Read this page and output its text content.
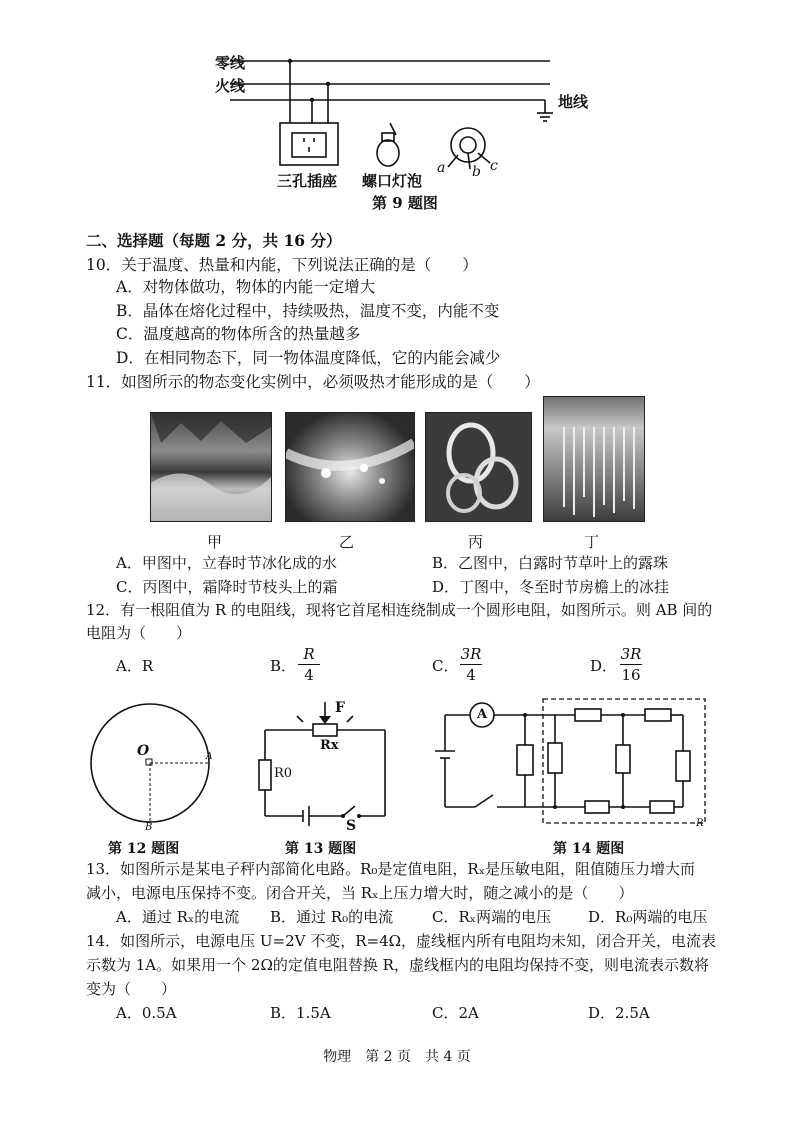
零线
火线
地线
三孔插座 螺口灯泡
a b c
第 9 题图
二、选择题（每题 2 分，共 16 分）
10．关于温度、热量和内能，下列说法正确的是（　　）
A．对物体做功，物体的内能一定增大
B．晶体在熔化过程中，持续吸热，温度不变，内能不变
C．温度越高的物体所含的热量越多
D．在相同物态下，同一物体温度降低，它的内能会减少
11．如图所示的物态变化实例中，必须吸热才能形成的是（　　）
甲	乙	丙	丁
A．甲图中，立春时节冰化成的水	B．乙图中，白露时节草叶上的露珠
C．丙图中，霜降时节枝头上的霜	D．丁图中，冬至时节房檐上的冰挂
12．有一根阻值为 R 的电阻线，现将它首尾相连绕制成一个圆形电阻，如图所示。则 AB 间的
电阻为（　　）
A．R	B．
R
4	C．
3R
4	D．
3R
16
O	A
B
第 12 题图
F
Rx
R0
S
第 13 题图
A
R
第 14 题图
13．如图所示是某电子秤内部简化电路。R₀是定值电阻，Rₓ是压敏电阻，阻值随压力增大而
减小，电源电压保持不变。闭合开关，当 Rₓ上压力增大时，随之减小的是（　　）
A．通过 Rₓ的电流 B．通过 R₀的电流	C．Rₓ两端的电压 D．R₀两端的电压
14．如图所示，电源电压 U=2V 不变，R=4Ω，虚线框内所有电阻均未知，闭合开关，电流表
示数为 1A。如果用一个 2Ω的定值电阻替换 R，虚线框内的电阻均保持不变，则电流表示数将
变为（　　）
A．0.5A	B．1.5A	C．2A	D．2.5A
物理　第 2 页　共 4 页
